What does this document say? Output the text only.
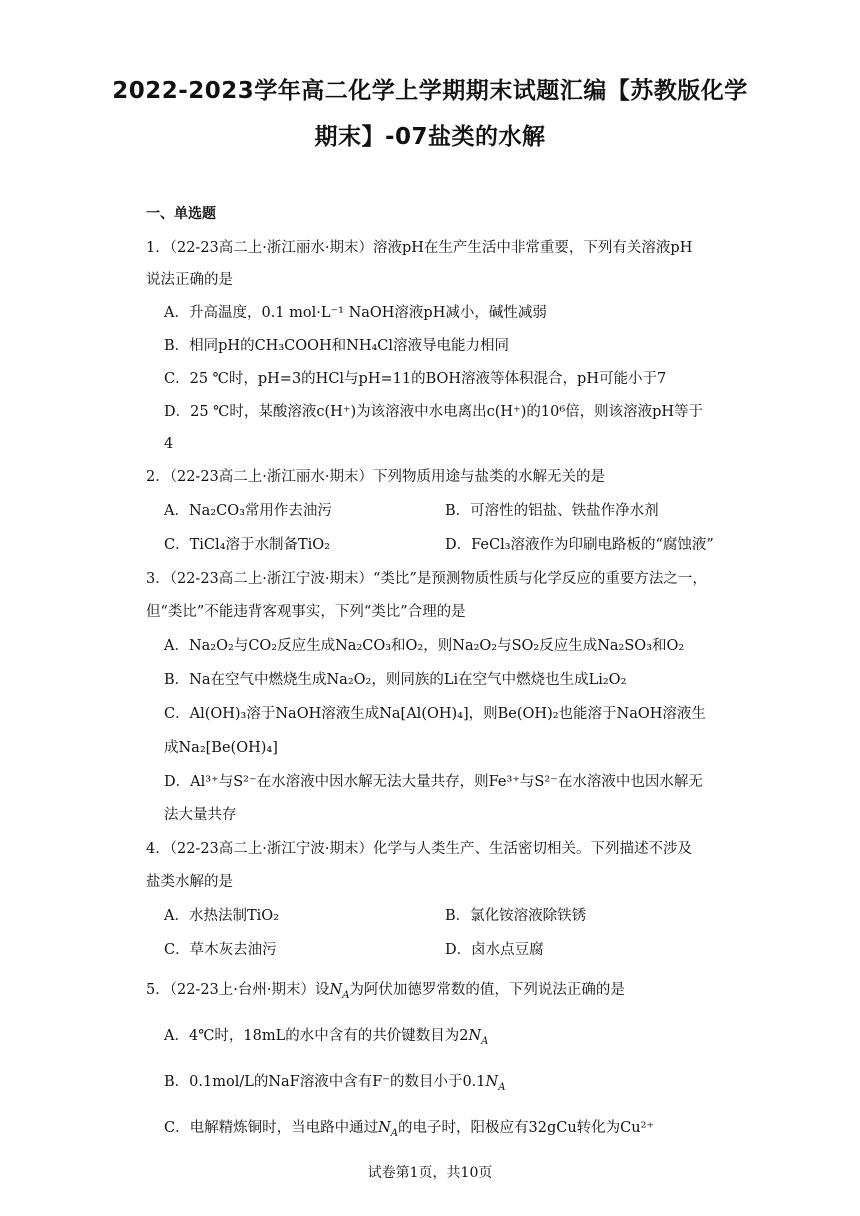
2022-2023学年高二化学上学期期末试题汇编【苏教版化学
期末】-07盐类的水解
一、单选题
1．（22-23高二上·浙江丽水·期末）溶液pH在生产生活中非常重要，下列有关溶液pH
说法正确的是
A．升高温度，0.1 mol·L⁻¹ NaOH溶液pH减小，碱性减弱
B．相同pH的CH₃COOH和NH₄Cl溶液导电能力相同
C．25 ℃时，pH=3的HCl与pH=11的BOH溶液等体积混合，pH可能小于7
D．25 ℃时，某酸溶液c(H⁺)为该溶液中水电离出c(H⁺)的10⁶倍，则该溶液pH等于
4
2．（22-23高二上·浙江丽水·期末）下列物质用途与盐类的水解无关的是
A．Na₂CO₃常用作去油污	B．可溶性的铝盐、铁盐作净水剂
C．TiCl₄溶于水制备TiO₂	D．FeCl₃溶液作为印刷电路板的“腐蚀液”
3．（22-23高二上·浙江宁波·期末）“类比”是预测物质性质与化学反应的重要方法之一，
但“类比”不能违背客观事实，下列“类比”合理的是
A．Na₂O₂与CO₂反应生成Na₂CO₃和O₂，则Na₂O₂与SO₂反应生成Na₂SO₃和O₂
B．Na在空气中燃烧生成Na₂O₂，则同族的Li在空气中燃烧也生成Li₂O₂
C．Al(OH)₃溶于NaOH溶液生成Na[Al(OH)₄]，则Be(OH)₂也能溶于NaOH溶液生
成Na₂[Be(OH)₄]
D．Al³⁺与S²⁻在水溶液中因水解无法大量共存，则Fe³⁺与S²⁻在水溶液中也因水解无
法大量共存
4．（22-23高二上·浙江宁波·期末）化学与人类生产、生活密切相关。下列描述不涉及
盐类水解的是
A．水热法制TiO₂	B．氯化铵溶液除铁锈
C．草木灰去油污	D．卤水点豆腐
5．（22-23上·台州·期末）设$N_A$为阿伏加德罗常数的值，下列说法正确的是
A．4℃时，18mL的水中含有的共价键数目为$2N_A$
B．0.1mol/L的NaF溶液中含有F⁻的数目小于$0.1N_A$
C．电解精炼铜时，当电路中通过$N_A$的电子时，阳极应有32gCu转化为Cu²⁺
试卷第1页，共10页
